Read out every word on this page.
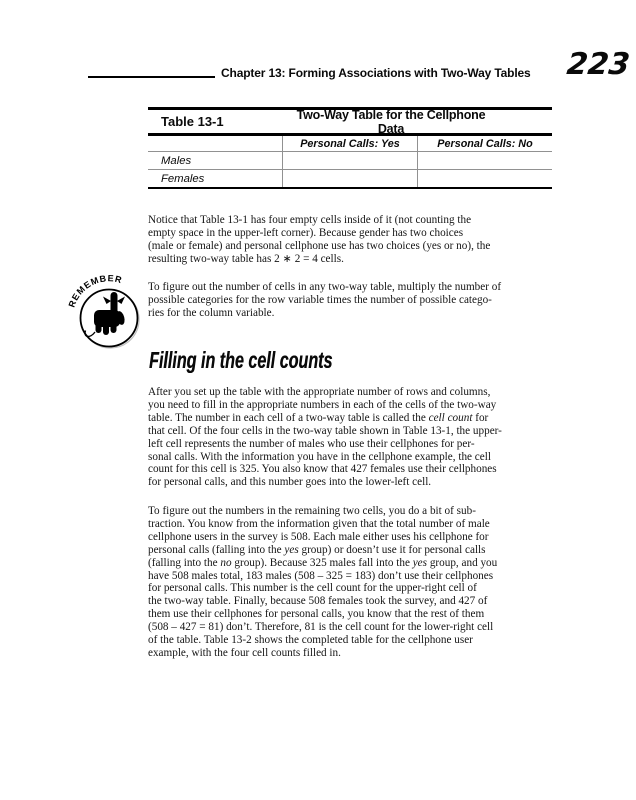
Chapter 13: Forming Associations with Two-Way Tables 223
Table 13-1	Two-Way Table for the Cellphone Data
Personal Calls: Yes	Personal Calls: No
Males
Females
Notice that Table 13-1 has four empty cells inside of it (not counting the
empty space in the upper-left corner). Because gender has two choices
(male or female) and personal cellphone use has two choices (yes or no), the
resulting two-way table has 2 ∗ 2 = 4 cells.
REMEMBER
To figure out the number of cells in any two-way table, multiply the number of
possible categories for the row variable times the number of possible catego-
ries for the column variable.
Filling in the cell counts
After you set up the table with the appropriate number of rows and columns,
you need to fill in the appropriate numbers in each of the cells of the two-way
table. The number in each cell of a two-way table is called the cell count for
that cell. Of the four cells in the two-way table shown in Table 13-1, the upper-
left cell represents the number of males who use their cellphones for per-
sonal calls. With the information you have in the cellphone example, the cell
count for this cell is 325. You also know that 427 females use their cellphones
for personal calls, and this number goes into the lower-left cell.
To figure out the numbers in the remaining two cells, you do a bit of sub-
traction. You know from the information given that the total number of male
cellphone users in the survey is 508. Each male either uses his cellphone for
personal calls (falling into the yes group) or doesn’t use it for personal calls
(falling into the no group). Because 325 males fall into the yes group, and you
have 508 males total, 183 males (508 – 325 = 183) don’t use their cellphones
for personal calls. This number is the cell count for the upper-right cell of
the two-way table. Finally, because 508 females took the survey, and 427 of
them use their cellphones for personal calls, you know that the rest of them
(508 – 427 = 81) don’t. Therefore, 81 is the cell count for the lower-right cell
of the table. Table 13-2 shows the completed table for the cellphone user
example, with the four cell counts filled in.
